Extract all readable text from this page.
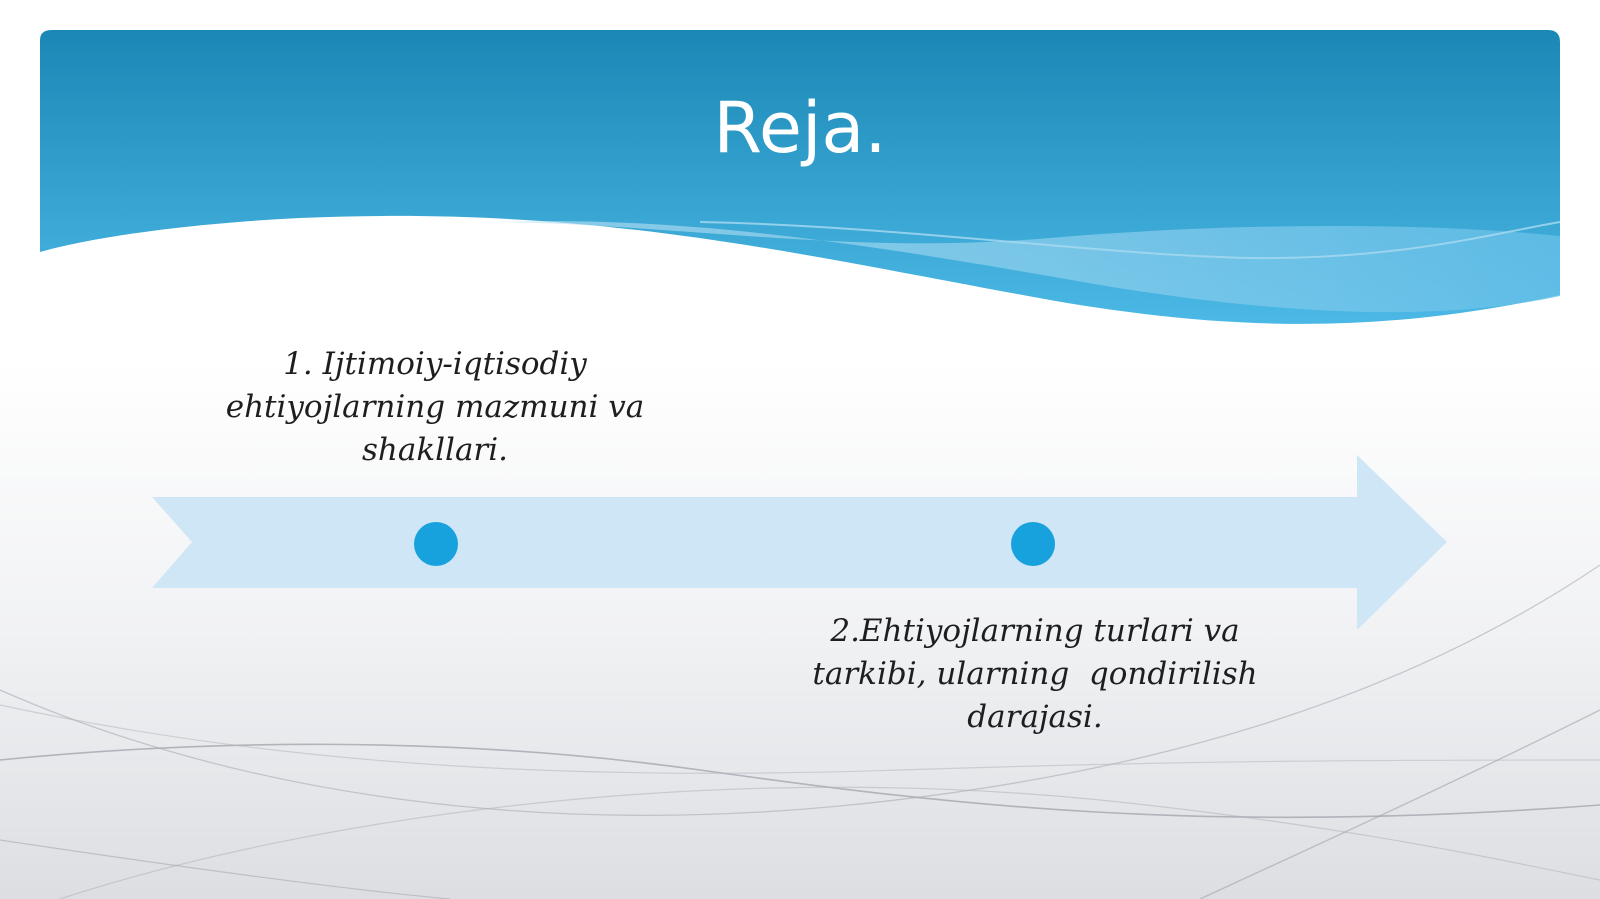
Reja.
1. Ijtimoiy-iqtisodiy
ehtiyojlarning mazmuni va
shakllari.
2.Ehtiyojlarning turlari va
tarkibi, ularning  qondirilish
darajasi.
